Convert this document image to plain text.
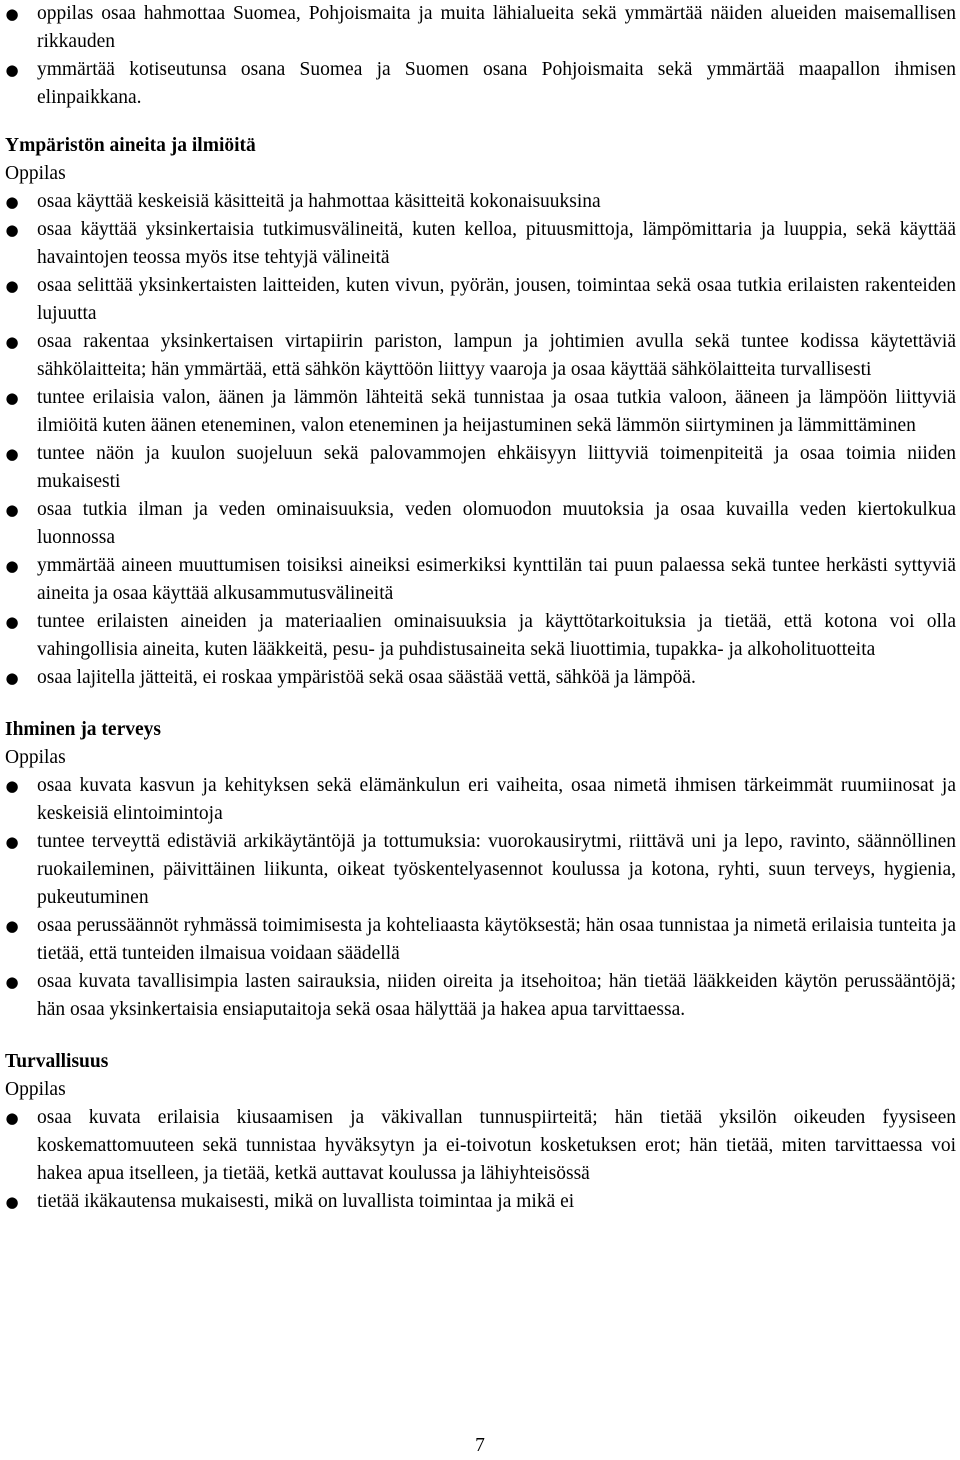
● oppilas osaa hahmottaa Suomea, Pohjoismaita ja muita lähialueita sekä ymmärtää näiden alueiden maisemallisen rikkauden
● ymmärtää kotiseutunsa osana Suomea ja Suomen osana Pohjoismaita sekä ymmärtää maapallon ihmisen elinpaikkana.

Ympäristön aineita ja ilmiöitä

Oppilas

● osaa käyttää keskeisiä käsitteitä ja hahmottaa käsitteitä kokonaisuuksina
● osaa käyttää yksinkertaisia tutkimusvälineitä, kuten kelloa, pituusmittoja, lämpömittaria ja luuppia, sekä käyttää havaintojen teossa myös itse tehtyjä välineitä
● osaa selittää yksinkertaisten laitteiden, kuten vivun, pyörän, jousen, toimintaa sekä osaa tutkia erilaisten rakenteiden lujuutta
● osaa rakentaa yksinkertaisen virtapiirin pariston, lampun ja johtimien avulla sekä tuntee kodissa käytettäviä sähkölaitteita; hän ymmärtää, että sähkön käyttöön liittyy vaaroja ja osaa käyttää sähkölaitteita turvallisesti
● tuntee erilaisia valon, äänen ja lämmön lähteitä sekä tunnistaa ja osaa tutkia valoon, ääneen ja lämpöön liittyviä ilmiöitä kuten äänen eteneminen, valon eteneminen ja heijastuminen sekä lämmön siirtyminen ja lämmittäminen
● tuntee näön ja kuulon suojeluun sekä palovammojen ehkäisyyn liittyviä toimenpiteitä ja osaa toimia niiden mukaisesti
● osaa tutkia ilman ja veden ominaisuuksia, veden olomuodon muutoksia ja osaa kuvailla veden kiertokulkua luonnossa
● ymmärtää aineen muuttumisen toisiksi aineiksi esimerkiksi kynttilän tai puun palaessa sekä tuntee herkästi syttyviä aineita ja osaa käyttää alkusammutusvälineitä
● tuntee erilaisten aineiden ja materiaalien ominaisuuksia ja käyttötarkoituksia ja tietää, että kotona voi olla vahingollisia aineita, kuten lääkkeitä, pesu- ja puhdistusaineita sekä liuottimia, tupakka- ja alkoholituotteita
● osaa lajitella jätteitä, ei roskaa ympäristöä sekä osaa säästää vettä, sähköä ja lämpöä.

Ihminen ja terveys

Oppilas

● osaa kuvata kasvun ja kehityksen sekä elämänkulun eri vaiheita, osaa nimetä ihmisen tärkeimmät ruumiinosat ja keskeisiä elintoimintoja
● tuntee terveyttä edistäviä arkikäytäntöjä ja tottumuksia: vuorokausirytmi, riittävä uni ja lepo, ravinto, säännöllinen ruokaileminen, päivittäinen liikunta, oikeat työskentelyasennot koulussa ja kotona, ryhti, suun terveys, hygienia, pukeutuminen
● osaa perussäännöt ryhmässä toimimisesta ja kohteliaasta käytöksestä; hän osaa tunnistaa ja nimetä erilaisia tunteita ja tietää, että tunteiden ilmaisua voidaan säädellä
● osaa kuvata tavallisimpia lasten sairauksia, niiden oireita ja itsehoitoa; hän tietää lääkkeiden käytön perussääntöjä; hän osaa yksinkertaisia ensiaputaitoja sekä osaa hälyttää ja hakea apua tarvittaessa.

Turvallisuus

Oppilas

● osaa kuvata erilaisia kiusaamisen ja väkivallan tunnuspiirteitä; hän tietää yksilön oikeuden fyysiseen koskemattomuuteen sekä tunnistaa hyväksytyn ja ei-toivotun kosketuksen erot; hän tietää, miten tarvittaessa voi hakea apua itselleen, ja tietää, ketkä auttavat koulussa ja lähiyhteisössä
● tietää ikäkautensa mukaisesti, mikä on luvallista toimintaa ja mikä ei
7
